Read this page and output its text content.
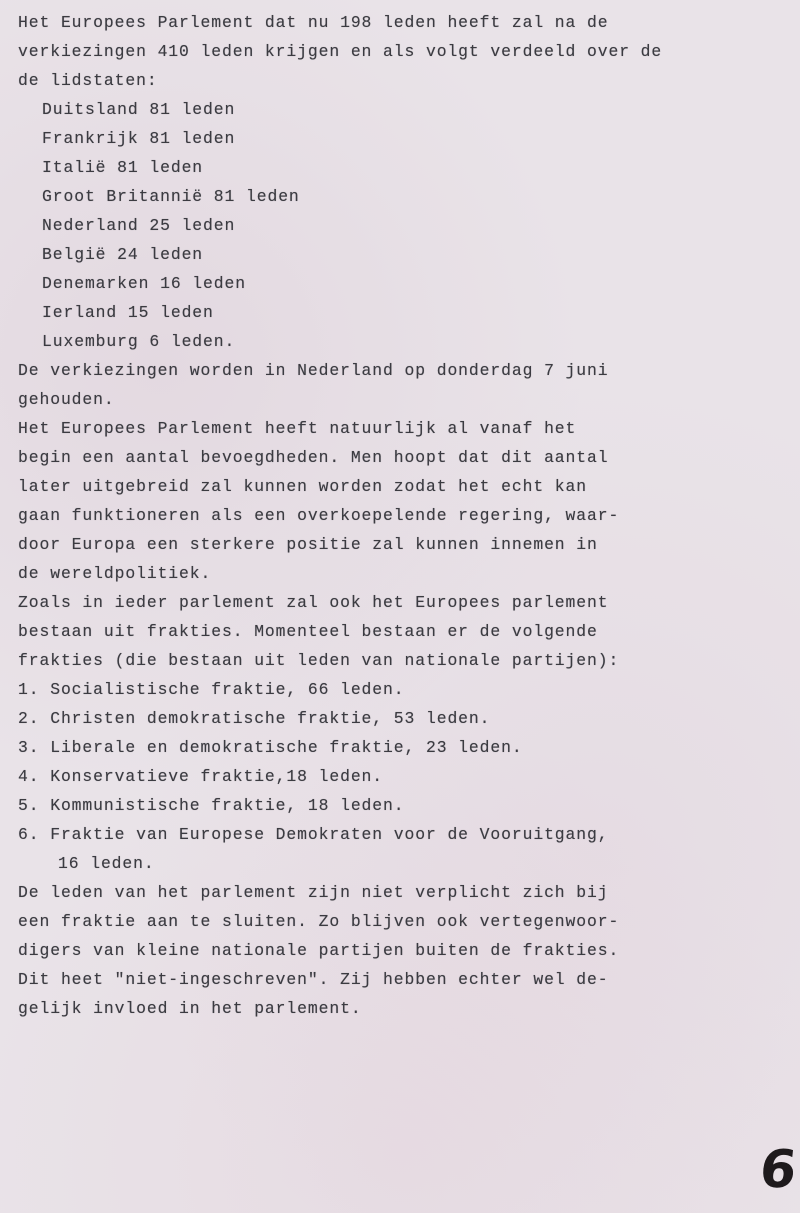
Het Europees Parlement dat nu 198 leden heeft zal na de
verkiezingen 410 leden krijgen en als volgt verdeeld over de
de lidstaten:
Duitsland 81 leden
Frankrijk 81 leden
Italië 81 leden
Groot Britannië 81 leden
Nederland 25 leden
België 24 leden
Denemarken 16 leden
Ierland 15 leden
Luxemburg 6 leden.
De verkiezingen worden in Nederland op donderdag 7 juni
gehouden.
Het Europees Parlement heeft natuurlijk al vanaf het
begin een aantal bevoegdheden. Men hoopt dat dit aantal
later uitgebreid zal kunnen worden zodat het echt kan
gaan funktioneren als een overkoepelende regering, waar-
door Europa een sterkere positie zal kunnen innemen in
de wereldpolitiek.
Zoals in ieder parlement zal ook het Europees parlement
bestaan uit frakties. Momenteel bestaan er de volgende
frakties (die bestaan uit leden van nationale partijen):
1. Socialistische fraktie, 66 leden.
2. Christen demokratische fraktie, 53 leden.
3. Liberale en demokratische fraktie, 23 leden.
4. Konservatieve fraktie,18 leden.
5. Kommunistische fraktie, 18 leden.
6. Fraktie van Europese Demokraten voor de Vooruitgang,
16 leden.
De leden van het parlement zijn niet verplicht zich bij
een fraktie aan te sluiten. Zo blijven ook vertegenwoor-
digers van kleine nationale partijen buiten de frakties.
Dit heet "niet-ingeschreven". Zij hebben echter wel de-
gelijk invloed in het parlement.
6
